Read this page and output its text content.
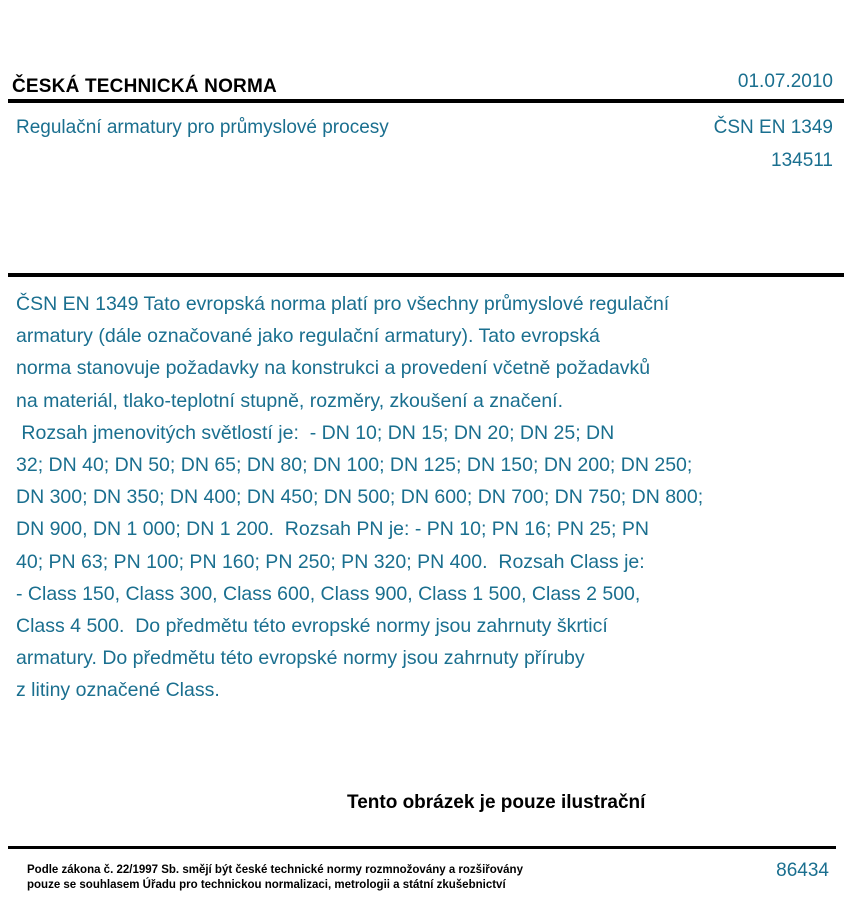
ČESKÁ TECHNICKÁ NORMA	01.07.2010
Regulační armatury pro průmyslové procesy	ČSN EN 1349
134511
ČSN EN 1349 Tato evropská norma platí pro všechny průmyslové regulační
armatury (dále označované jako regulační armatury). Tato evropská
norma stanovuje požadavky na konstrukci a provedení včetně požadavků
na materiál, tlako-teplotní stupně, rozměry, zkoušení a značení.
Rozsah jmenovitých světlostí je:  - DN 10; DN 15; DN 20; DN 25; DN
32; DN 40; DN 50; DN 65; DN 80; DN 100; DN 125; DN 150; DN 200; DN 250;
DN 300; DN 350; DN 400; DN 450; DN 500; DN 600; DN 700; DN 750; DN 800;
DN 900, DN 1 000; DN 1 200.  Rozsah PN je: - PN 10; PN 16; PN 25; PN
40; PN 63; PN 100; PN 160; PN 250; PN 320; PN 400.  Rozsah Class je:
- Class 150, Class 300, Class 600, Class 900, Class 1 500, Class 2 500,
Class 4 500.  Do předmětu této evropské normy jsou zahrnuty škrticí
armatury. Do předmětu této evropské normy jsou zahrnuty příruby
z litiny označené Class.
Tento obrázek je pouze ilustrační
Podle zákona č. 22/1997 Sb. smějí být české technické normy rozmnožovány a rozšiřovány
pouze se souhlasem Úřadu pro technickou normalizaci, metrologii a státní zkušebnictví
86434
